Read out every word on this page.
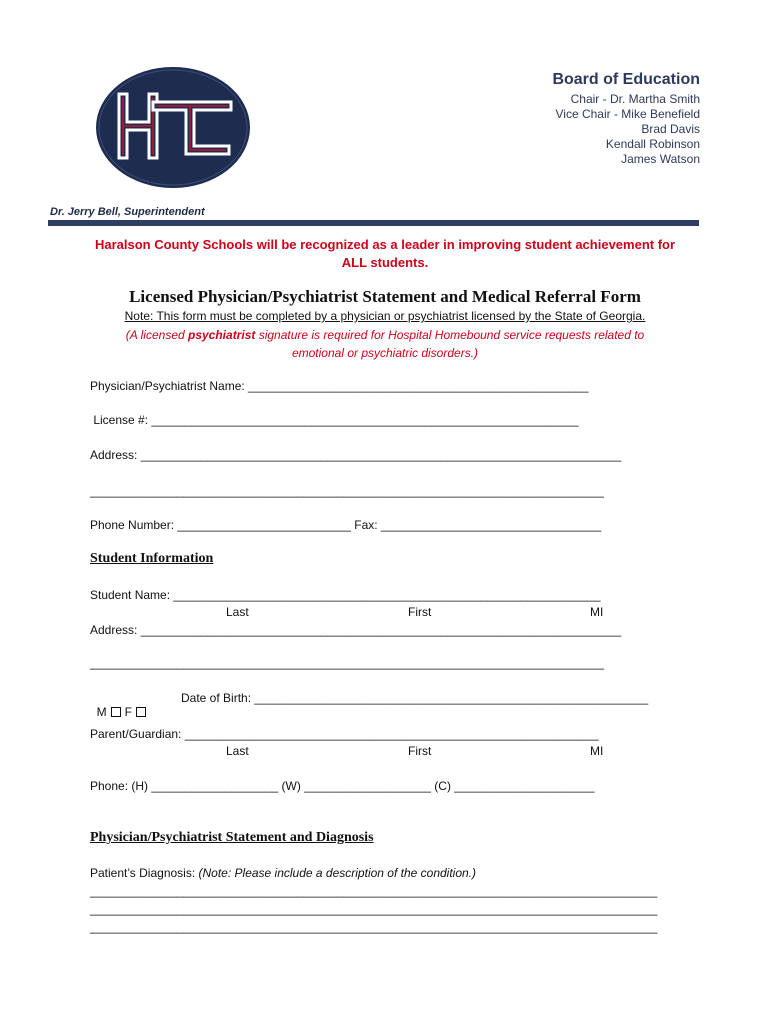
Board of Education
Chair - Dr. Martha Smith
Vice Chair - Mike Benefield
Brad Davis
Kendall Robinson
James Watson
Dr. Jerry Bell, Superintendent
Haralson County Schools will be recognized as a leader in improving student achievement for
ALL students.
Licensed Physician/Psychiatrist Statement and Medical Referral Form
Note: This form must be completed by a physician or psychiatrist licensed by the State of Georgia.
(A licensed psychiatrist signature is required for Hospital Homebound service requests related to
emotional or psychiatric disorders.)
Physician/Psychiatrist Name: ___________________________________________________
License #: ________________________________________________________________
Address: ________________________________________________________________________
_____________________________________________________________________________
Phone Number: __________________________ Fax: _________________________________
Student Information
Student Name: ________________________________________________________________
Last	First	MI
Address: ________________________________________________________________________
_____________________________________________________________________________

M F

Date of Birth: ___________________________________________________________
Parent/Guardian: ______________________________________________________________
Last	First	MI
Phone: (H) ___________________ (W) ___________________ (C) _____________________
Physician/Psychiatrist Statement and Diagnosis
Patient’s Diagnosis: (Note: Please include a description of the condition.)
_____________________________________________________________________________________
_____________________________________________________________________________________
_____________________________________________________________________________________
